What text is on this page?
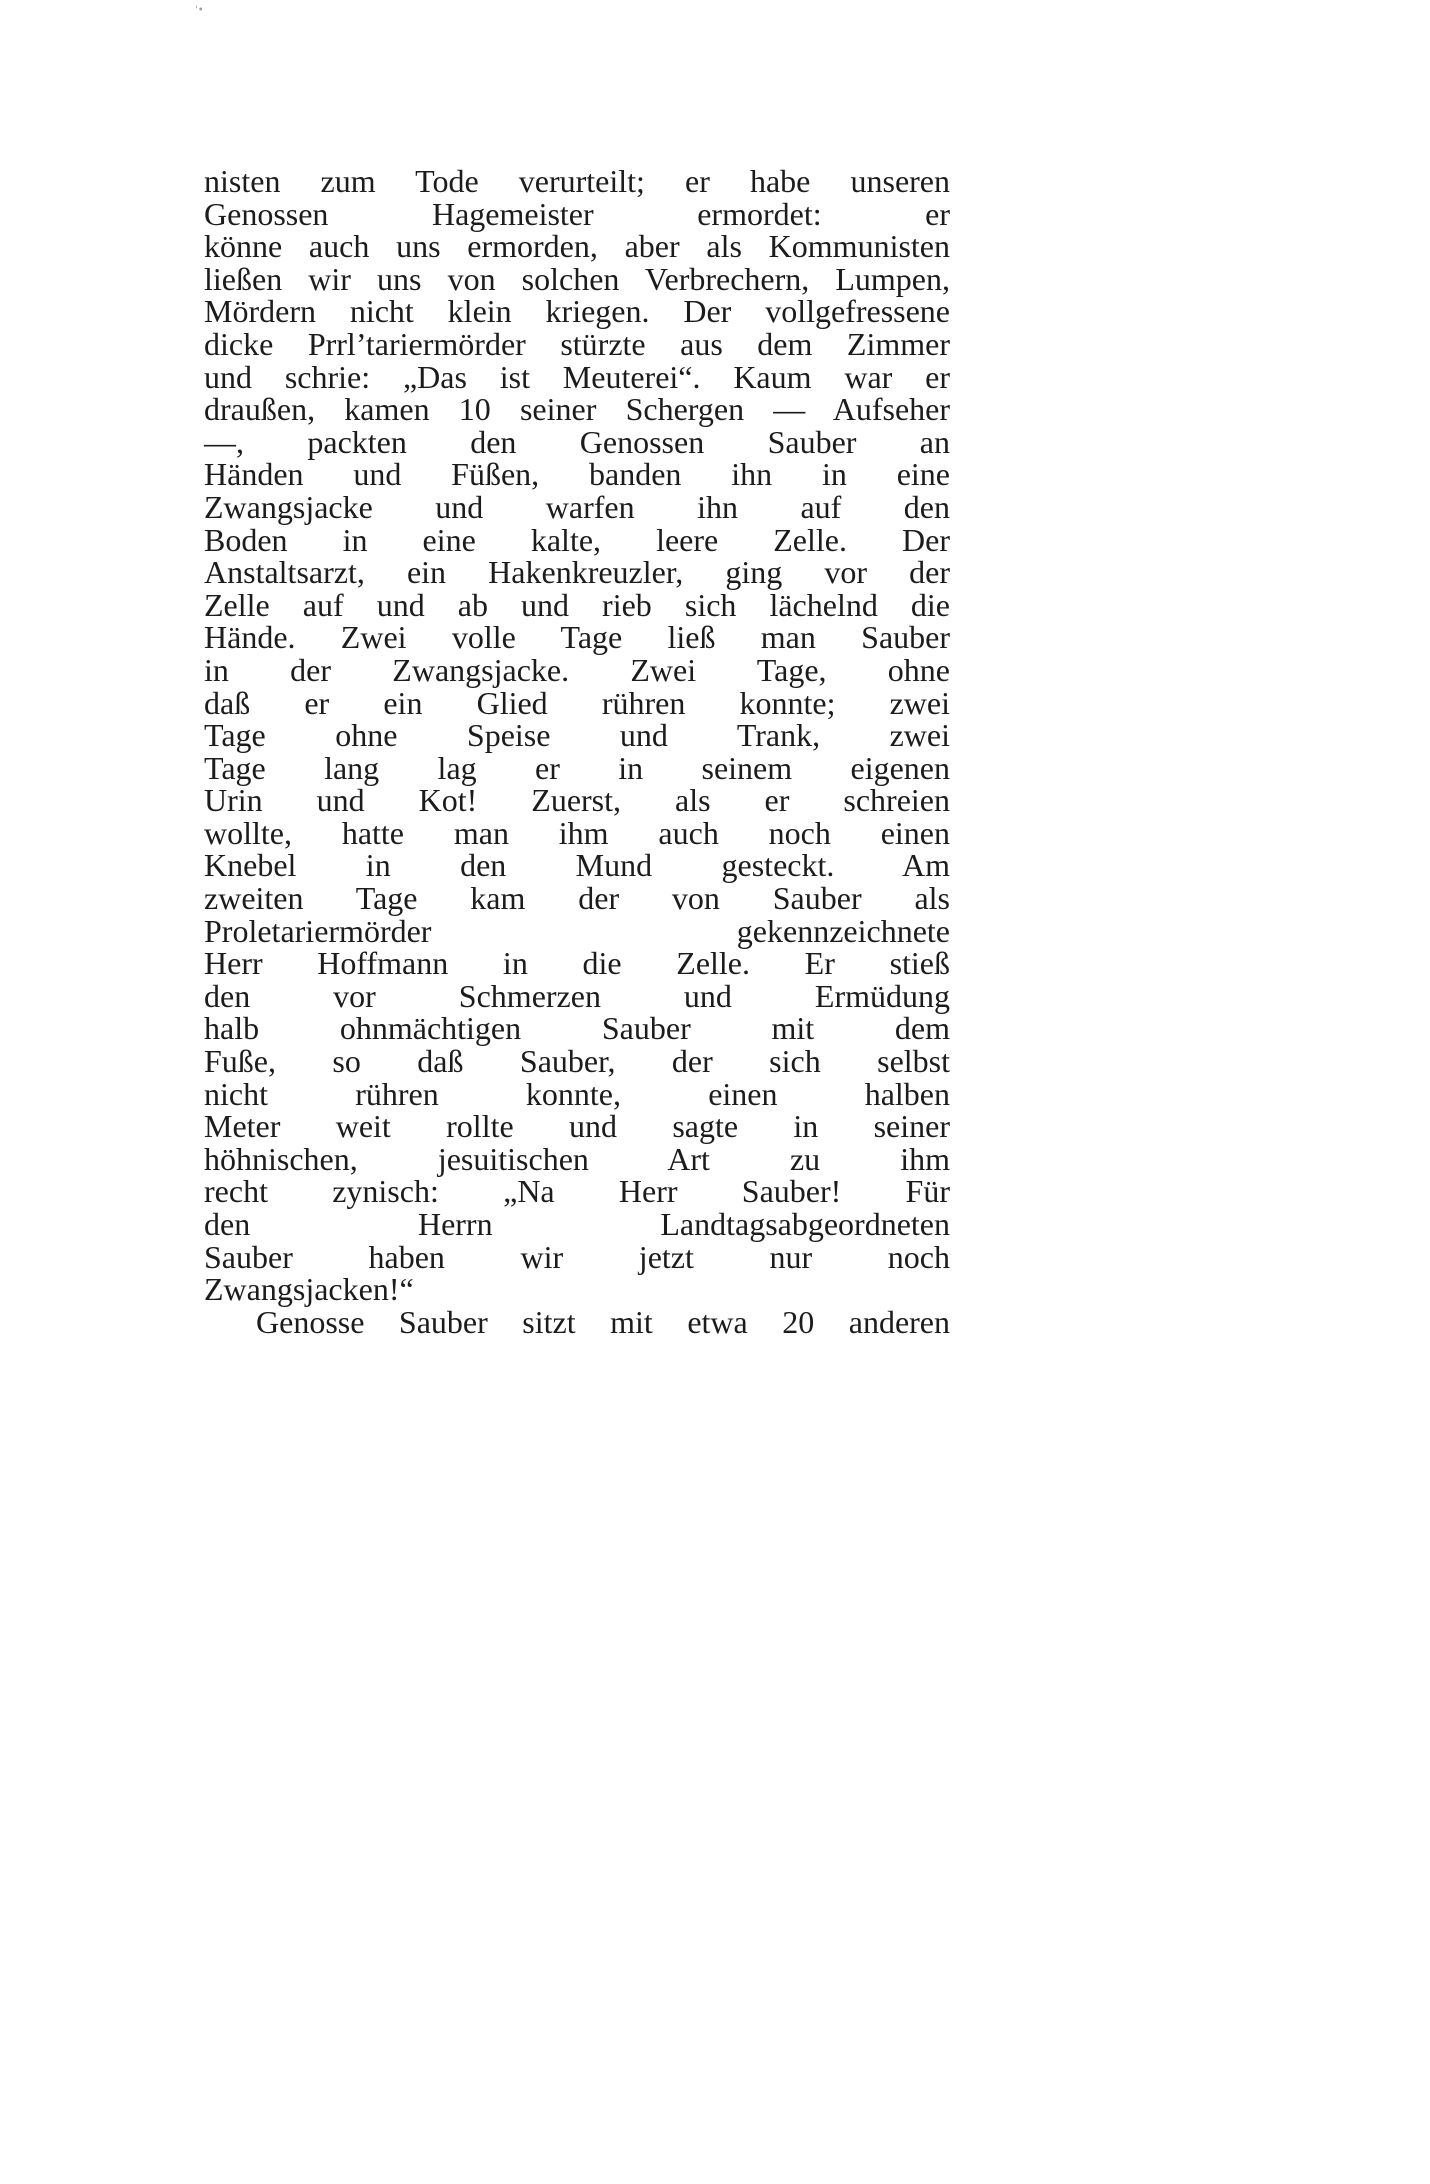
'•
nisten zum Tode verurteilt; er habe unseren
Genossen Hagemeister ermordet: er
könne auch uns ermorden, aber als Kommunisten
ließen wir uns von solchen Verbrechern, Lumpen,
Mördern nicht klein kriegen. Der vollgefressene
dicke Prrl’tariermörder stürzte aus dem Zimmer
und schrie: „Das ist Meuterei“. Kaum war er
draußen, kamen 10 seiner Schergen — Aufseher
—, packten den Genossen Sauber an
Händen und Füßen, banden ihn in eine
Zwangsjacke und warfen ihn auf den
Boden in eine kalte, leere Zelle. Der
Anstaltsarzt, ein Hakenkreuzler, ging vor der
Zelle auf und ab und rieb sich lächelnd die
Hände. Zwei volle Tage ließ man Sauber
in der Zwangsjacke. Zwei Tage, ohne
daß er ein Glied rühren konnte; zwei
Tage ohne Speise und Trank, zwei
Tage lang lag er in seinem eigenen
Urin und Kot! Zuerst, als er schreien
wollte, hatte man ihm auch noch einen
Knebel in den Mund gesteckt. Am
zweiten Tage kam der von Sauber als
Proletariermörder gekennzeichnete
Herr Hoffmann in die Zelle. Er stieß
den vor Schmerzen und Ermüdung
halb ohnmächtigen Sauber mit dem
Fuße, so daß Sauber, der sich selbst
nicht rühren konnte, einen halben
Meter weit rollte und sagte in seiner
höhnischen, jesuitischen Art zu ihm
recht zynisch: „Na Herr Sauber! Für
den Herrn Landtagsabgeordneten
Sauber haben wir jetzt nur noch
Zwangsjacken!“
Genosse Sauber sitzt mit etwa 20 anderen
